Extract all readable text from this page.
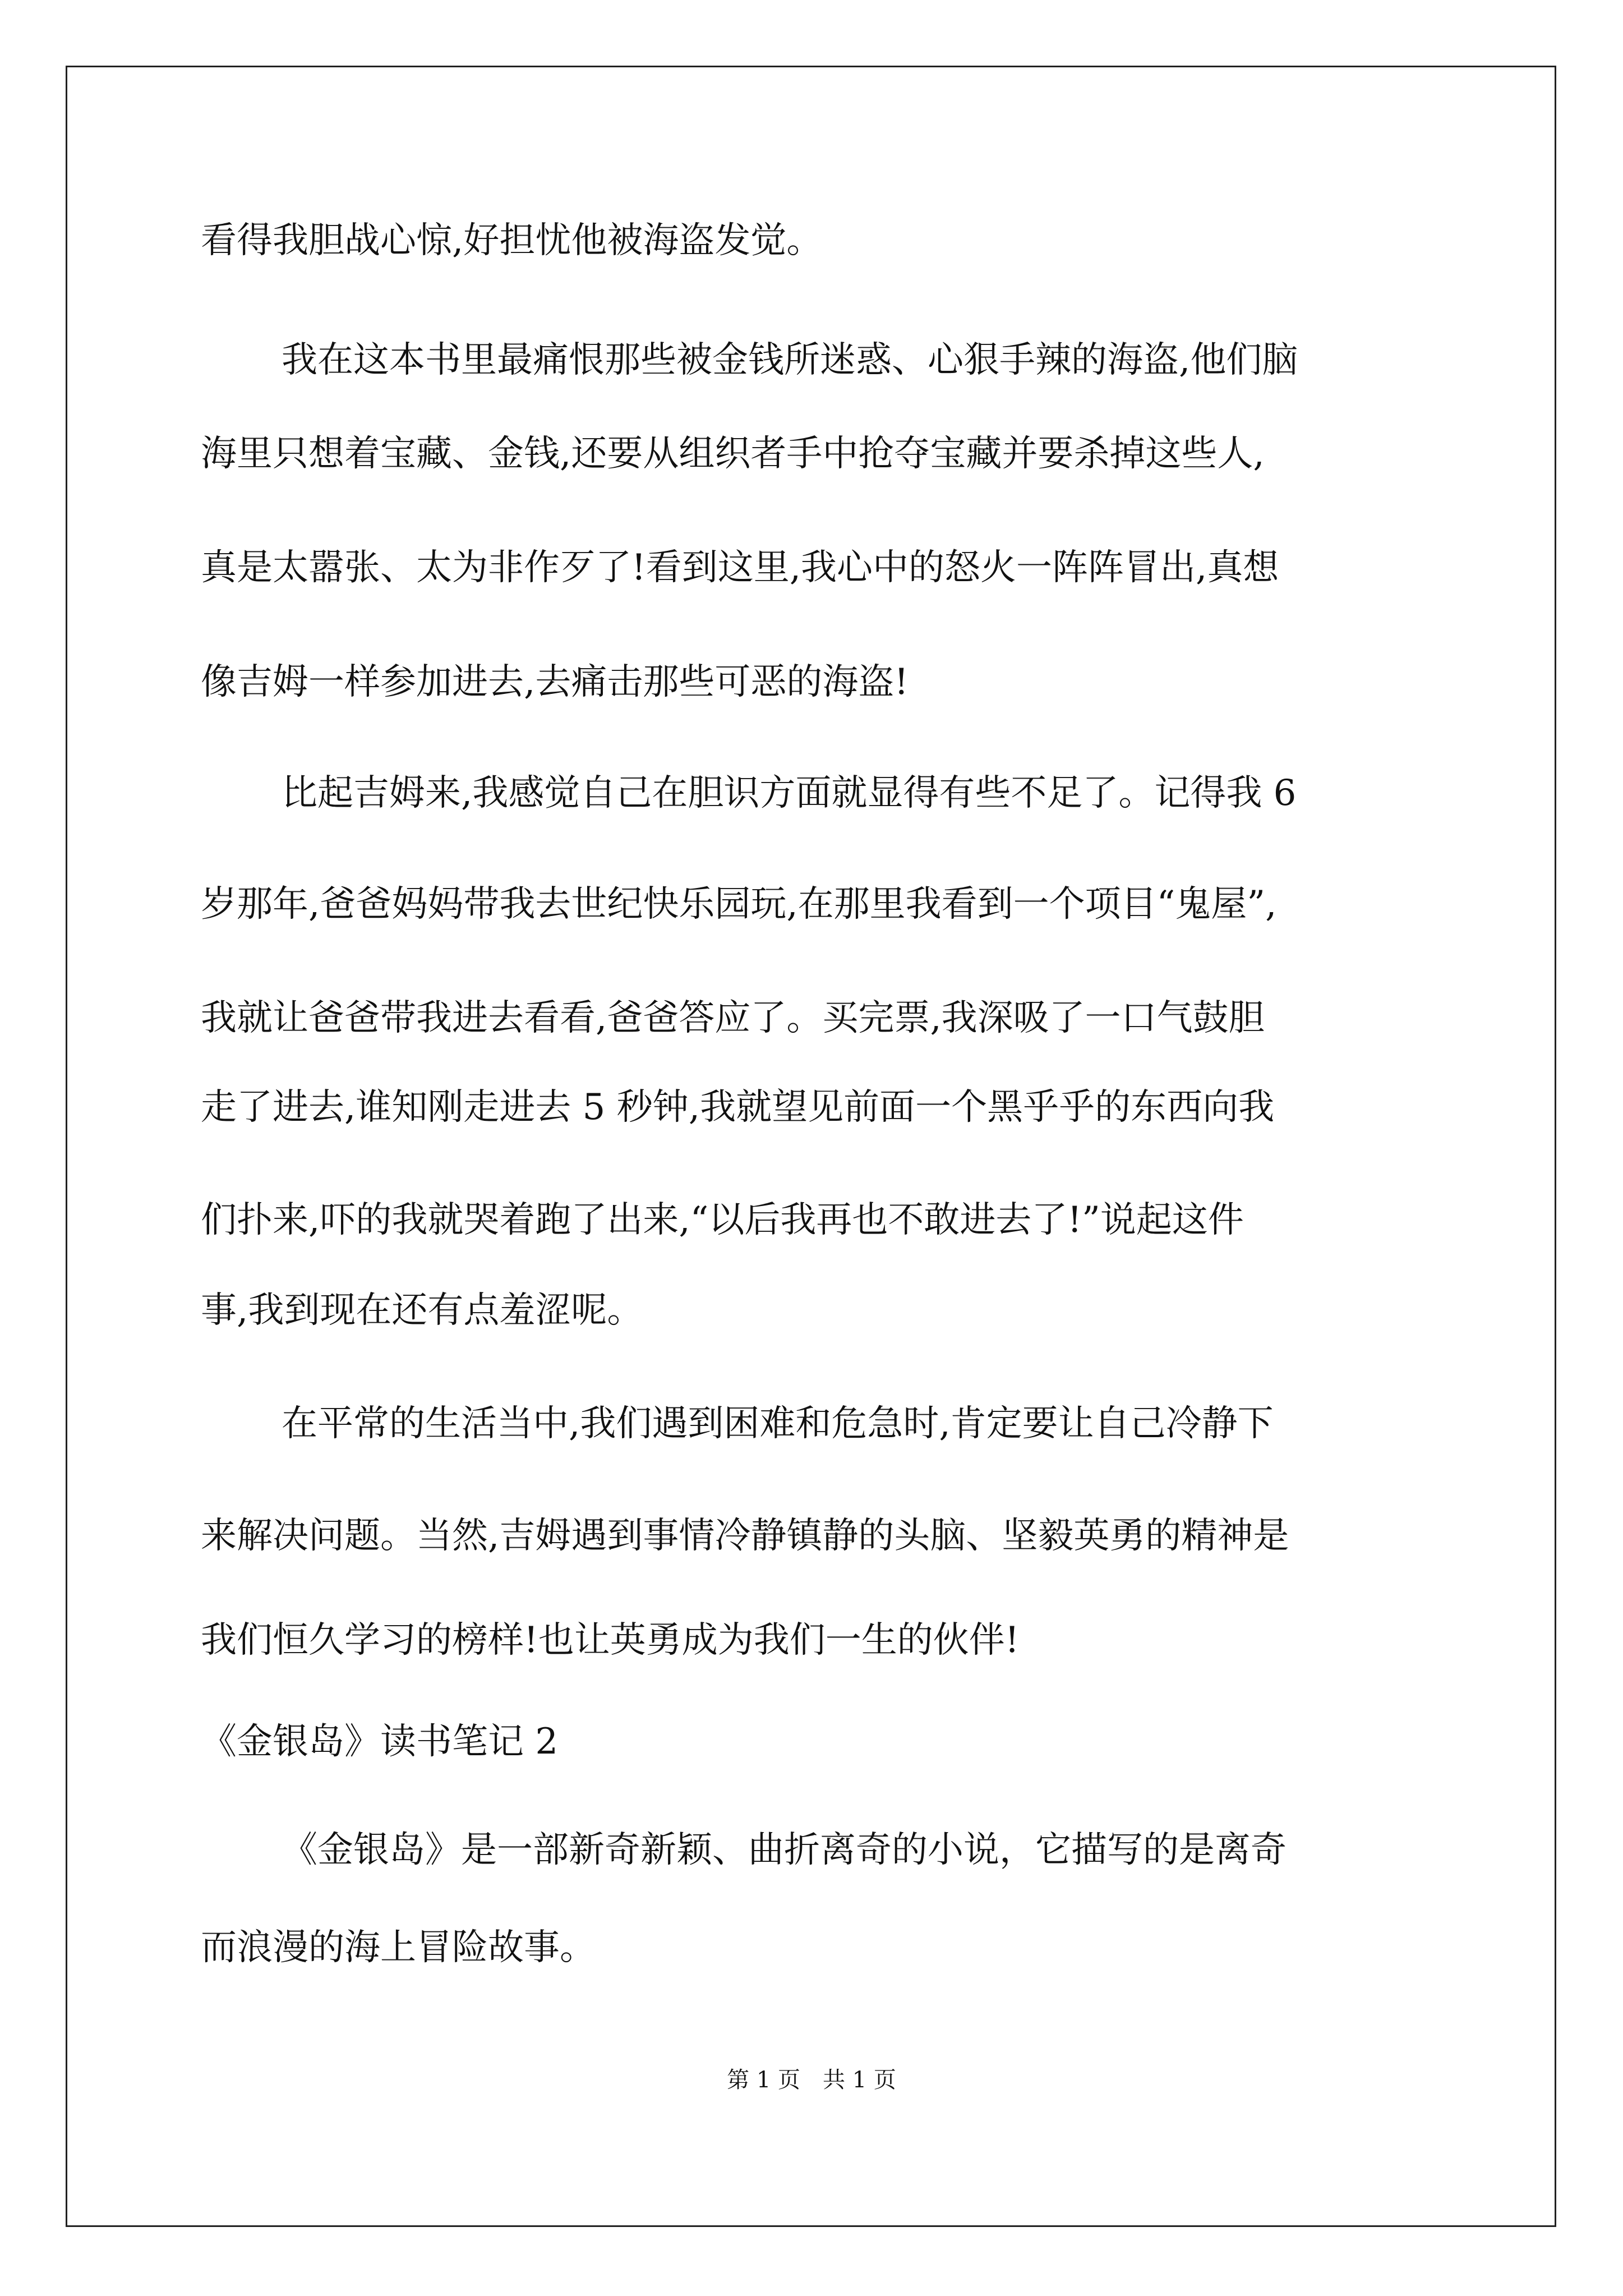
看得我胆战心惊,好担忧他被海盗发觉。
我在这本书里最痛恨那些被金钱所迷惑、心狠手辣的海盗,他们脑
海里只想着宝藏、金钱,还要从组织者手中抢夺宝藏并要杀掉这些人,
真是太嚣张、太为非作歹了!看到这里,我心中的怒火一阵阵冒出,真想
像吉姆一样参加进去,去痛击那些可恶的海盗!
比起吉姆来,我感觉自己在胆识方面就显得有些不足了。记得我 6
岁那年,爸爸妈妈带我去世纪快乐园玩,在那里我看到一个项目“鬼屋”,
我就让爸爸带我进去看看,爸爸答应了。买完票,我深吸了一口气鼓胆
走了进去,谁知刚走进去 5 秒钟,我就望见前面一个黑乎乎的东西向我
们扑来,吓的我就哭着跑了出来,“以后我再也不敢进去了!”说起这件
事,我到现在还有点羞涩呢。
在平常的生活当中,我们遇到困难和危急时,肯定要让自己冷静下
来解决问题。当然,吉姆遇到事情冷静镇静的头脑、坚毅英勇的精神是
我们恒久学习的榜样!也让英勇成为我们一生的伙伴!
《金银岛》读书笔记 2
《金银岛》是一部新奇新颖、曲折离奇的小说，它描写的是离奇
而浪漫的海上冒险故事。
第 1 页　共 1 页
